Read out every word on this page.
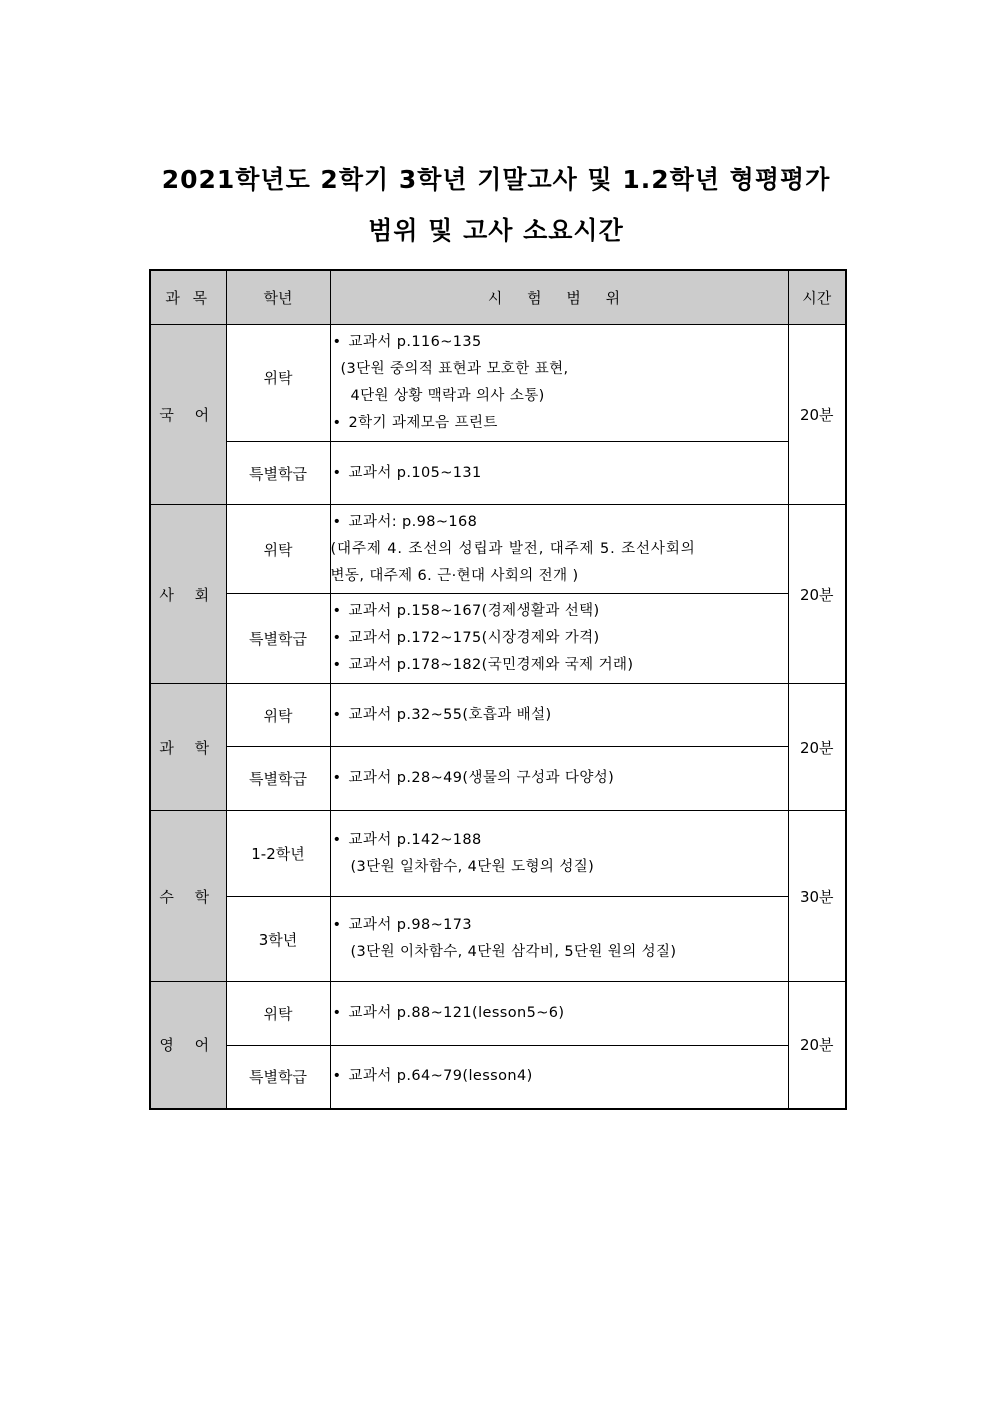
2021학년도 2학기 3학년 기말고사 및 1.2학년 형평평가
범위 및 고사 소요시간
과 목	학년	시 험 범 위	시간
국 어	위탁	• 교과서 p.116~135
(3단원 중의적 표현과 모호한 표현,
4단원 상황 맥락과 의사 소통)
• 2학기 과제모음 프린트	20분
	특별학급	• 교과서 p.105~131	

사 회	위탁	• 교과서: p.98~168
(대주제 4. 조선의 성립과 발전, 대주제 5. 조선사회의
변동, 대주제 6. 근·현대 사회의 전개 )	20분
	특별학급	• 교과서 p.158~167(경제생활과 선택)
• 교과서 p.172~175(시장경제와 가격)
• 교과서 p.178~182(국민경제와 국제 거래)	

과 학	위탁	• 교과서 p.32~55(호흡과 배설)	20분
	특별학급	• 교과서 p.28~49(생물의 구성과 다양성)	

수 학	1-2학년	• 교과서 p.142~188
(3단원 일차함수, 4단원 도형의 성질)	30분
	3학년	• 교과서 p.98~173
(3단원 이차함수, 4단원 삼각비, 5단원 원의 성질)	

영 어	위탁	• 교과서 p.88~121(lesson5~6)	20분
	특별학급	• 교과서 p.64~79(lesson4)	
